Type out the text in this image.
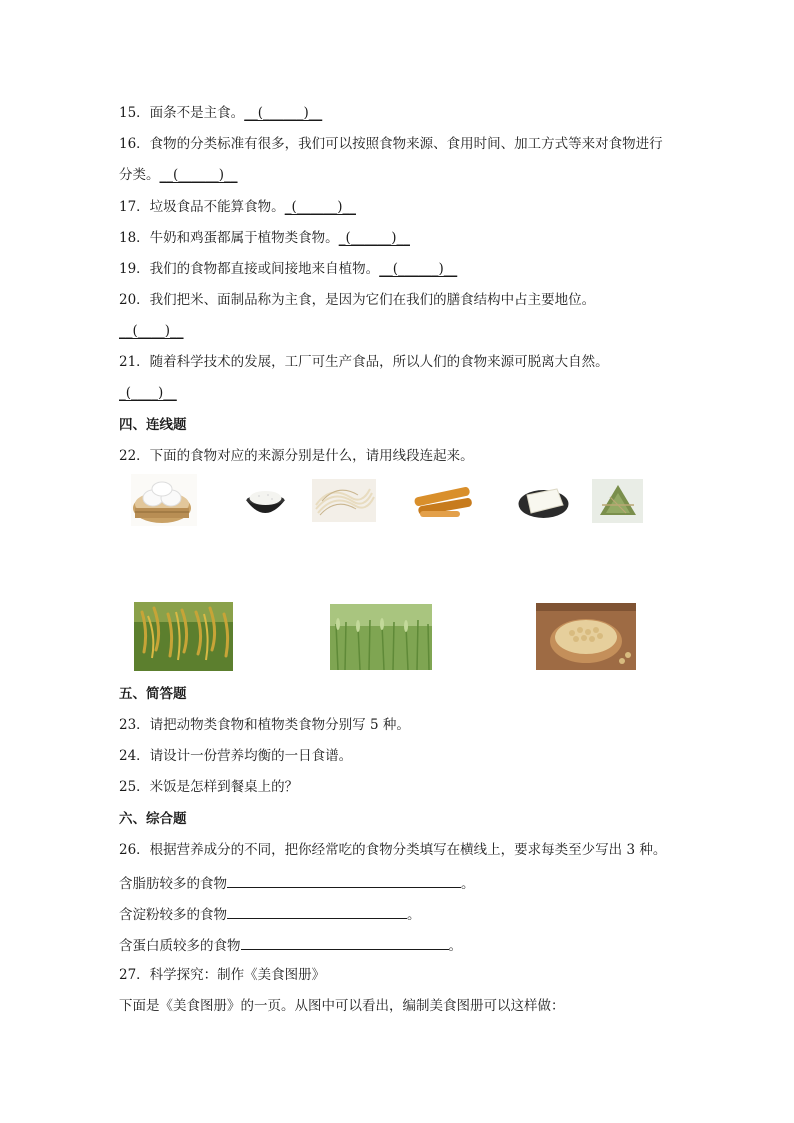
15．面条不是主食。__(______)__
16．食物的分类标准有很多，我们可以按照食物来源、食用时间、加工方式等来对食物进行
分类。__(______)__
17．垃圾食品不能算食物。_(______)__
18．牛奶和鸡蛋都属于植物类食物。_(______)__
19．我们的食物都直接或间接地来自植物。__(______)__
20．我们把米、面制品称为主食，是因为它们在我们的膳食结构中占主要地位。
__(____)__
21．随着科学技术的发展，工厂可生产食品，所以人们的食物来源可脱离大自然。
_(____)__
四、连线题
22．下面的食物对应的来源分别是什么，请用线段连起来。
五、简答题
23．请把动物类食物和植物类食物分别写 5 种。
24．请设计一份营养均衡的一日食谱。
25．米饭是怎样到餐桌上的？
六、综合题
26．根据营养成分的不同，把你经常吃的食物分类填写在横线上，要求每类至少写出 3 种。
含脂肪较多的食物	。
含淀粉较多的食物	。
含蛋白质较多的食物	。
27．科学探究：制作《美食图册》
下面是《美食图册》的一页。从图中可以看出，编制美食图册可以这样做：
